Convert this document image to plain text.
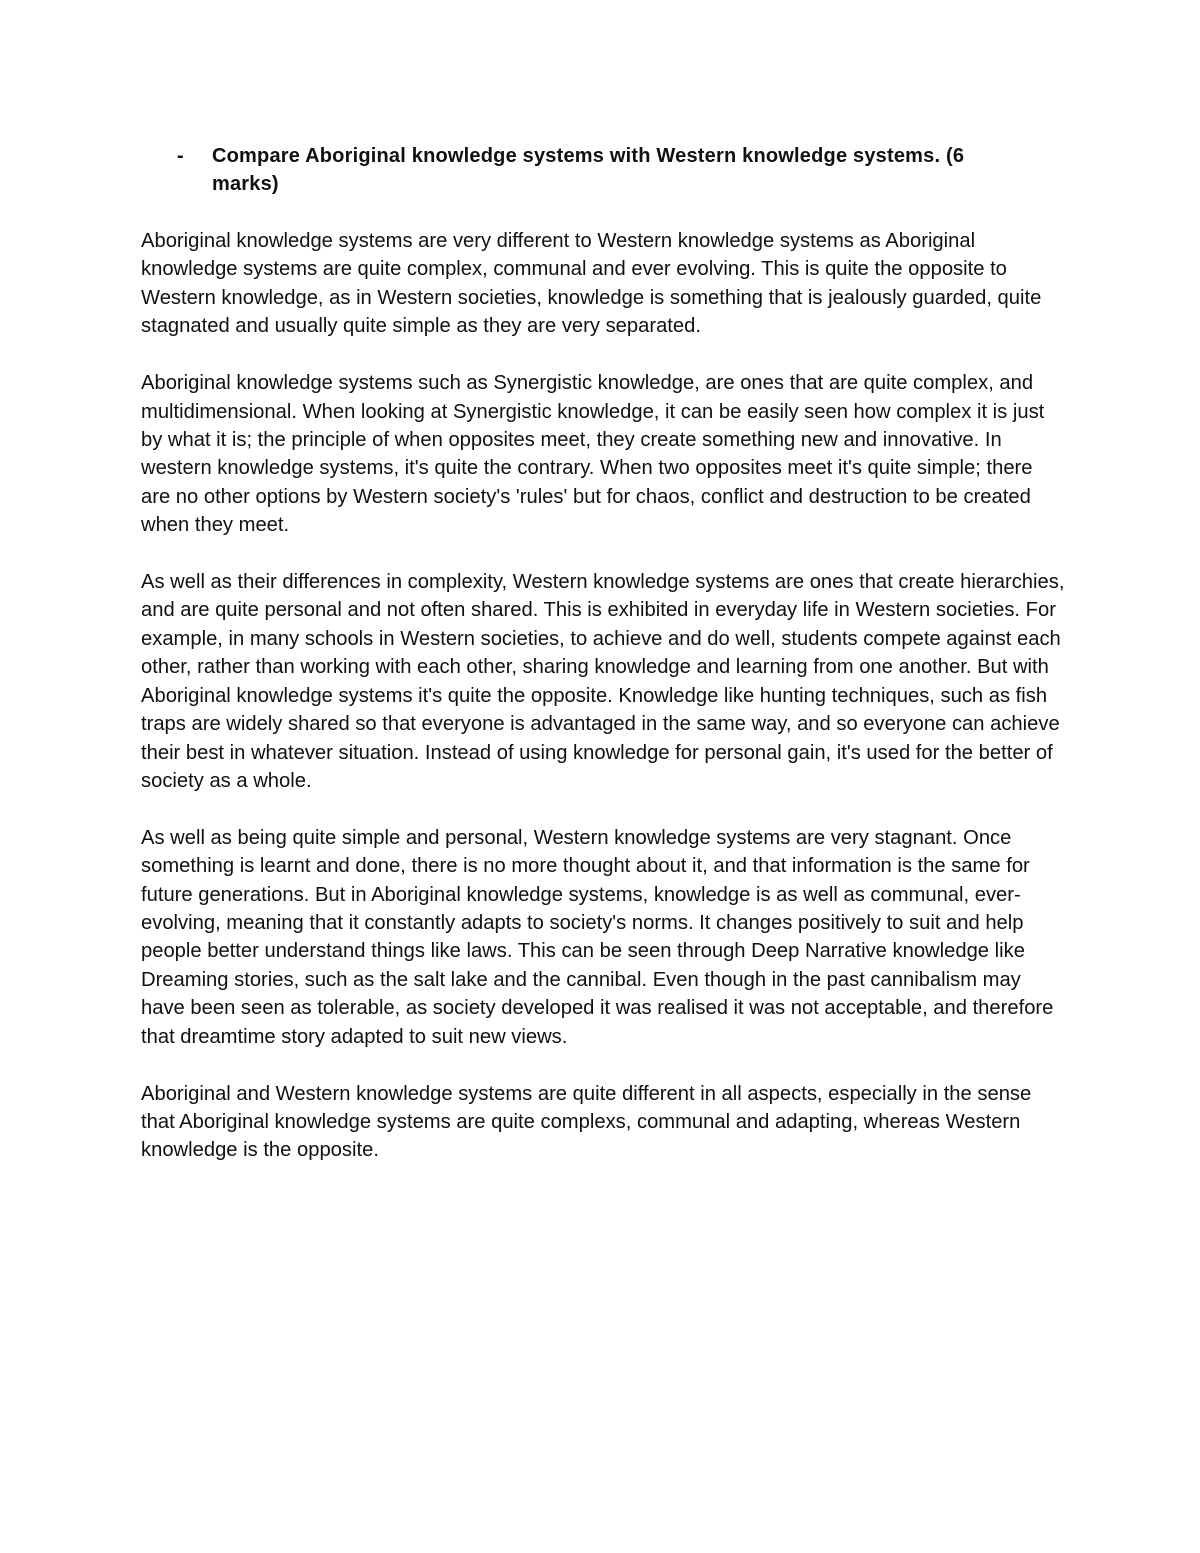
-	Compare Aboriginal knowledge systems with Western knowledge systems. (6 marks)

Aboriginal knowledge systems are very different to Western knowledge systems as Aboriginal knowledge systems are quite complex, communal and ever evolving. This is quite the opposite to Western knowledge, as in Western societies, knowledge is something that is jealously guarded, quite stagnated and usually quite simple as they are very separated.

Aboriginal knowledge systems such as Synergistic knowledge, are ones that are quite complex, and multidimensional. When looking at Synergistic knowledge, it can be easily seen how complex it is just by what it is; the principle of when opposites meet, they create something new and innovative. In western knowledge systems, it's quite the contrary. When two opposites meet it's quite simple; there are no other options by Western society's 'rules' but for chaos, conflict and destruction to be created when they meet.

As well as their differences in complexity, Western knowledge systems are ones that create hierarchies, and are quite personal and not often shared. This is exhibited in everyday life in Western societies. For example, in many schools in Western societies, to achieve and do well, students compete against each other, rather than working with each other, sharing knowledge and learning from one another. But with Aboriginal knowledge systems it's quite the opposite. Knowledge like hunting techniques, such as fish traps are widely shared so that everyone is advantaged in the same way, and so everyone can achieve their best in whatever situation. Instead of using knowledge for personal gain, it's used for the better of society as a whole.

As well as being quite simple and personal, Western knowledge systems are very stagnant. Once something is learnt and done, there is no more thought about it, and that information is the same for future generations. But in Aboriginal knowledge systems, knowledge is as well as communal, ever-evolving, meaning that it constantly adapts to society's norms. It changes positively to suit and help people better understand things like laws. This can be seen through Deep Narrative knowledge like Dreaming stories, such as the salt lake and the cannibal. Even though in the past cannibalism may have been seen as tolerable, as society developed it was realised it was not acceptable, and therefore that dreamtime story adapted to suit new views.

Aboriginal and Western knowledge systems are quite different in all aspects, especially in the sense that Aboriginal knowledge systems are quite complexs, communal and adapting, whereas Western knowledge is the opposite.
